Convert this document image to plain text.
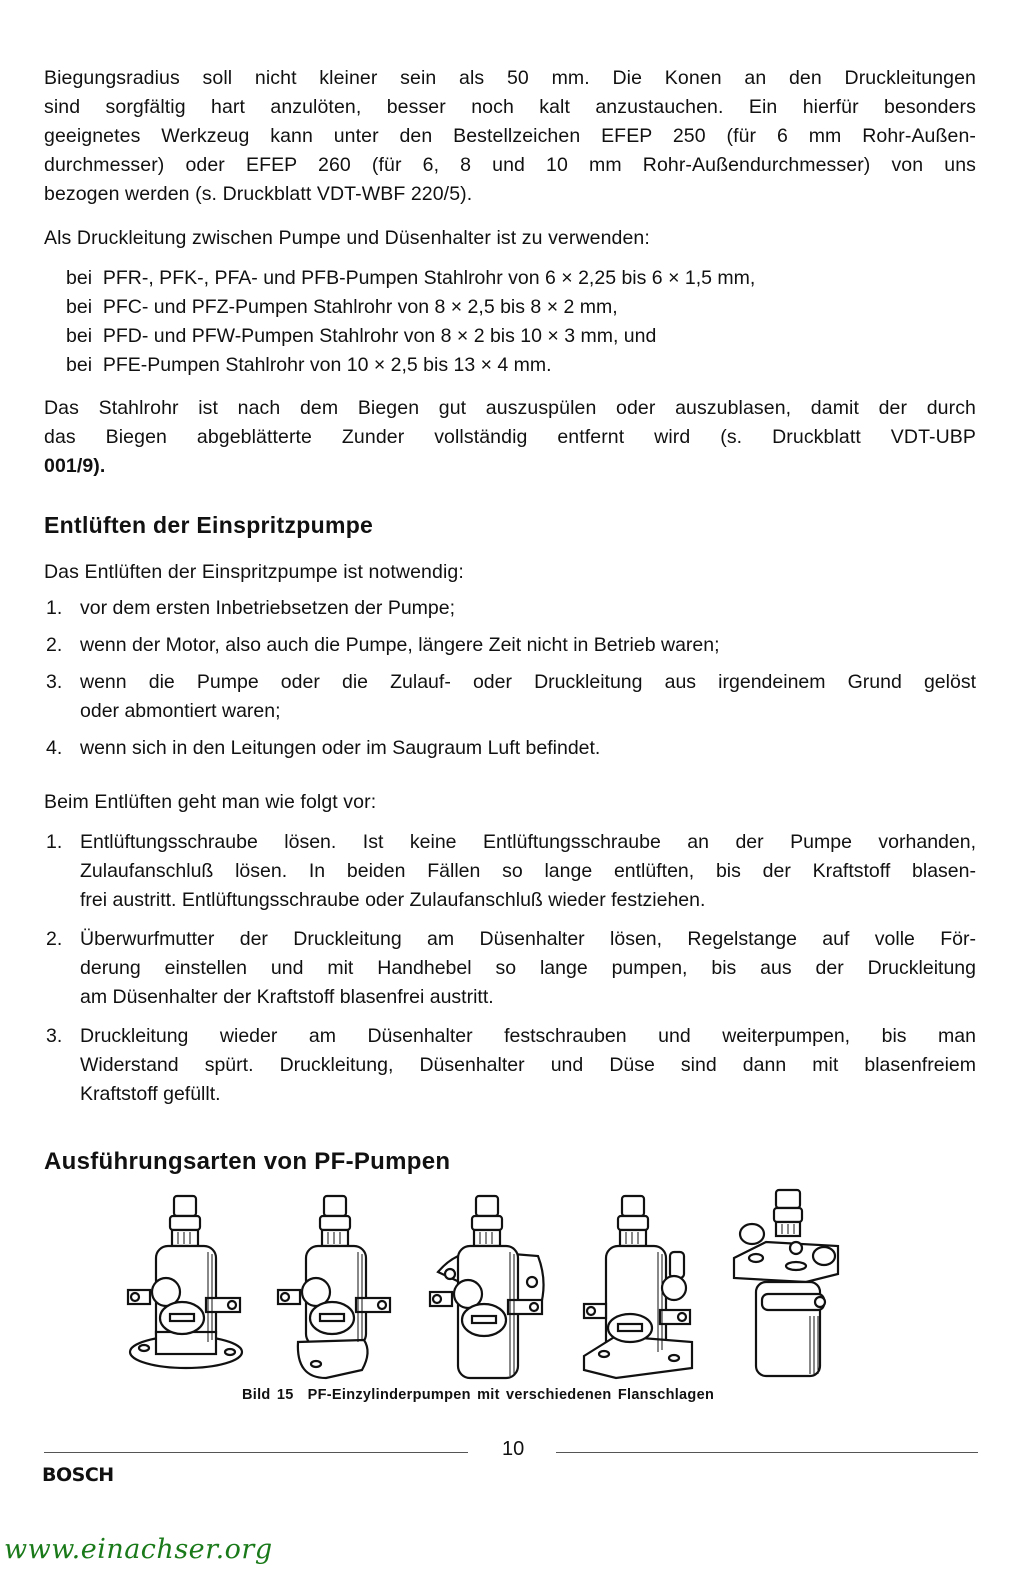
Biegungsradius soll nicht kleiner sein als 50 mm. Die Konen an den Druckleitungen
sind sorgfältig hart anzulöten, besser noch kalt anzustauchen. Ein hierfür besonders
geeignetes Werkzeug kann unter den Bestellzeichen EFEP 250 (für 6 mm Rohr-Außen-
durchmesser) oder EFEP 260 (für 6, 8 und 10 mm Rohr-Außendurchmesser) von uns
bezogen werden (s. Druckblatt VDT-WBF 220/5).
Als Druckleitung zwischen Pumpe und Düsenhalter ist zu verwenden:
bei  PFR-, PFK-, PFA- und PFB-Pumpen Stahlrohr von 6 × 2,25 bis 6 × 1,5 mm,
bei  PFC- und PFZ-Pumpen Stahlrohr von 8 × 2,5 bis 8 × 2 mm,
bei  PFD- und PFW-Pumpen Stahlrohr von 8 × 2 bis 10 × 3 mm, und
bei  PFE-Pumpen Stahlrohr von 10 × 2,5 bis 13 × 4 mm.
Das Stahlrohr ist nach dem Biegen gut auszuspülen oder auszublasen, damit der durch
das Biegen abgeblätterte Zunder vollständig entfernt wird (s. Druckblatt VDT-UBP
001/9).
Entlüften der Einspritzpumpe
Das Entlüften der Einspritzpumpe ist notwendig:
1. vor dem ersten Inbetriebsetzen der Pumpe;
2. wenn der Motor, also auch die Pumpe, längere Zeit nicht in Betrieb waren;
3. wenn die Pumpe oder die Zulauf- oder Druckleitung aus irgendeinem Grund gelöst
oder abmontiert waren;
4. wenn sich in den Leitungen oder im Saugraum Luft befindet.
Beim Entlüften geht man wie folgt vor:
1. Entlüftungsschraube lösen. Ist keine Entlüftungsschraube an der Pumpe vorhanden,
Zulaufanschluß lösen. In beiden Fällen so lange entlüften, bis der Kraftstoff blasen-
frei austritt. Entlüftungsschraube oder Zulaufanschluß wieder festziehen.
2. Überwurfmutter der Druckleitung am Düsenhalter lösen, Regelstange auf volle För-
derung einstellen und mit Handhebel so lange pumpen, bis aus der Druckleitung
am Düsenhalter der Kraftstoff blasenfrei austritt.
3. Druckleitung wieder am Düsenhalter festschrauben und weiterpumpen, bis man
Widerstand spürt. Druckleitung, Düsenhalter und Düse sind dann mit blasenfreiem
Kraftstoff gefüllt.
Ausführungsarten von PF-Pumpen
Bild 15 PF-Einzylinderpumpen mit verschiedenen Flanschlagen
10
BOSCH
www.einachser.org
